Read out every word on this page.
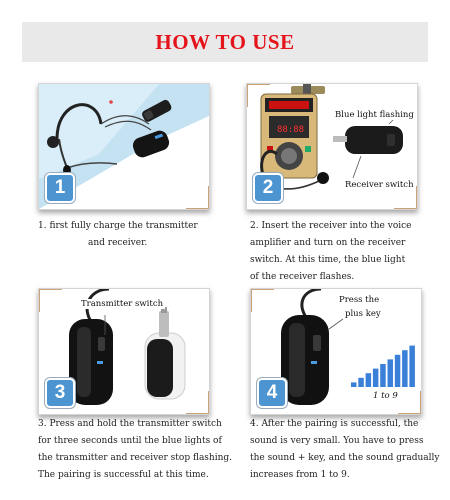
HOW TO USE
1
88:88
Blue light flashing
Receiver switch
2
Transmitter switch
3
Press the
plus key
1 to 9
4

1. first fully charge the transmitter
and receiver.

2. Insert the receiver into the voice
amplifier and turn on the receiver
switch. At this time, the blue light
of the receiver flashes.

3. Press and hold the transmitter switch
for three seconds until the blue lights of
the transmitter and receiver stop flashing.
The pairing is successful at this time.

4. After the pairing is successful, the
sound is very small. You have to press
the sound + key, and the sound gradually
increases from 1 to 9.
